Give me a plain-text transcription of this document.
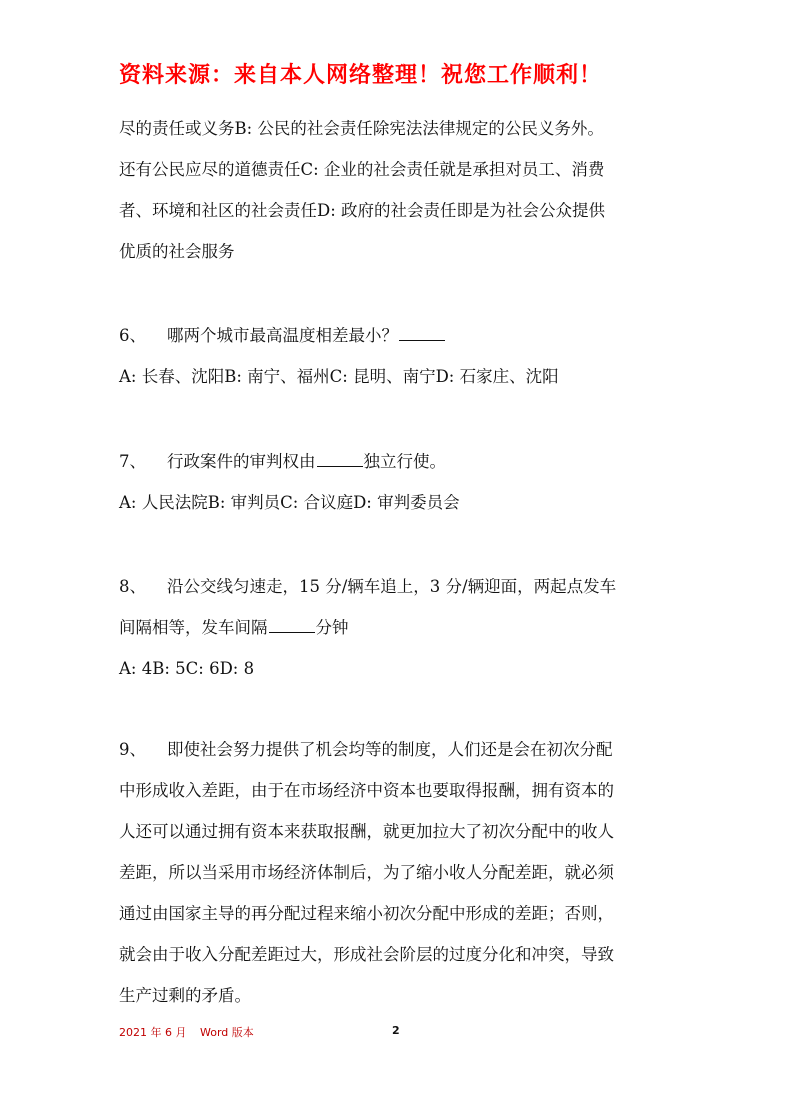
资料来源：来自本人网络整理！祝您工作顺利！
尽的责任或义务B: 公民的社会责任除宪法法律规定的公民义务外。
还有公民应尽的道德责任C: 企业的社会责任就是承担对员工、消费
者、环境和社区的社会责任D: 政府的社会责任即是为社会公众提供
优质的社会服务
6、 哪两个城市最高温度相差最小？
A: 长春、沈阳B: 南宁、福州C: 昆明、南宁D: 石家庄、沈阳
7、 行政案件的审判权由	独立行使。
A: 人民法院B: 审判员C: 合议庭D: 审判委员会
8、 沿公交线匀速走，15 分/辆车追上，3 分/辆迎面，两起点发车
间隔相等，发车间隔	分钟
A: 4B: 5C: 6D: 8
9、 即使社会努力提供了机会均等的制度，人们还是会在初次分配
中形成收入差距，由于在市场经济中资本也要取得报酬，拥有资本的
人还可以通过拥有资本来获取报酬，就更加拉大了初次分配中的收人
差距，所以当采用市场经济体制后，为了缩小收人分配差距，就必须
通过由国家主导的再分配过程来缩小初次分配中形成的差距；否则，
就会由于收入分配差距过大，形成社会阶层的过度分化和冲突，导致
生产过剩的矛盾。
2021 年 6 月 Word 版本	2
